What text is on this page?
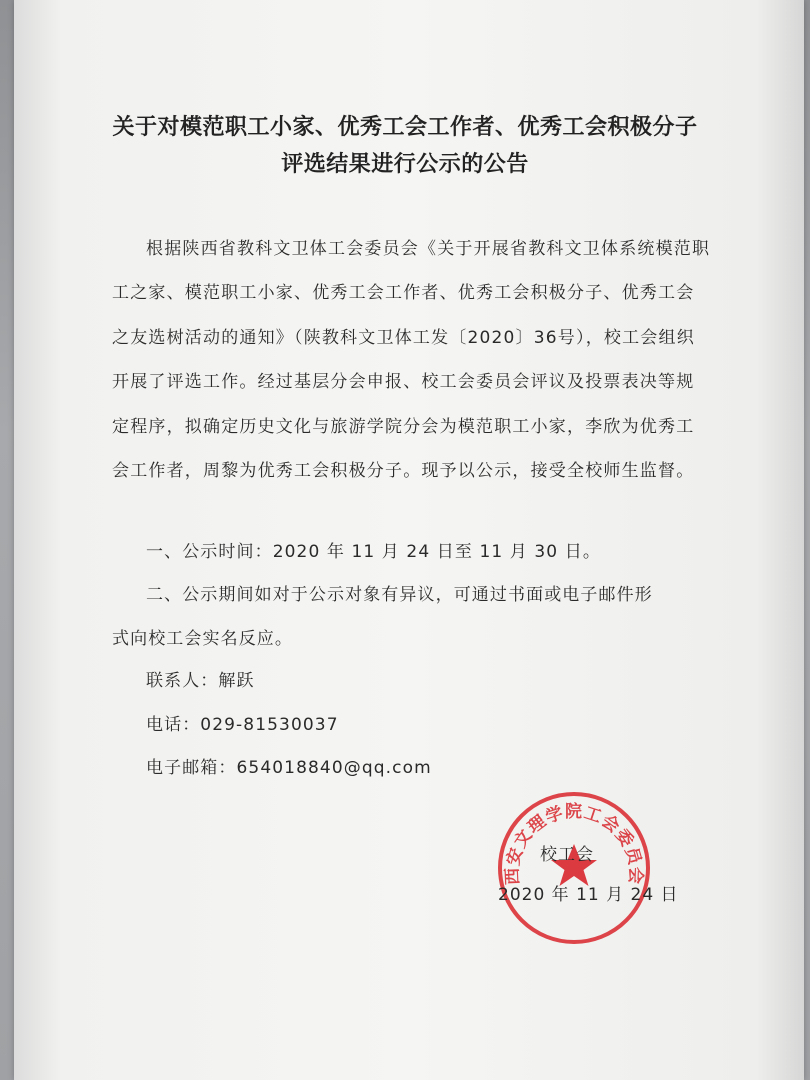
关于对模范职工小家、优秀工会工作者、优秀工会积极分子
评选结果进行公示的公告
根据陕西省教科文卫体工会委员会《关于开展省教科文卫体系统模范职工之家、模范职工小家、优秀工会工作者、优秀工会积极分子、优秀工会之友选树活动的通知》（陕教科文卫体工发〔2020〕36号），校工会组织开展了评选工作。经过基层分会申报、校工会委员会评议及投票表决等规定程序，拟确定历史文化与旅游学院分会为模范职工小家，李欣为优秀工会工作者，周黎为优秀工会积极分子。现予以公示，接受全校师生监督。
一、公示时间：2020 年 11 月 24 日至 11 月 30 日。
二、公示期间如对于公示对象有异议，可通过书面或电子邮件形
式向校工会实名反应。
联系人：解跃
电话：029-81530037
电子邮箱：654018840@qq.com
西安文理学院工会委员会
校工会
2020 年 11 月 24 日
